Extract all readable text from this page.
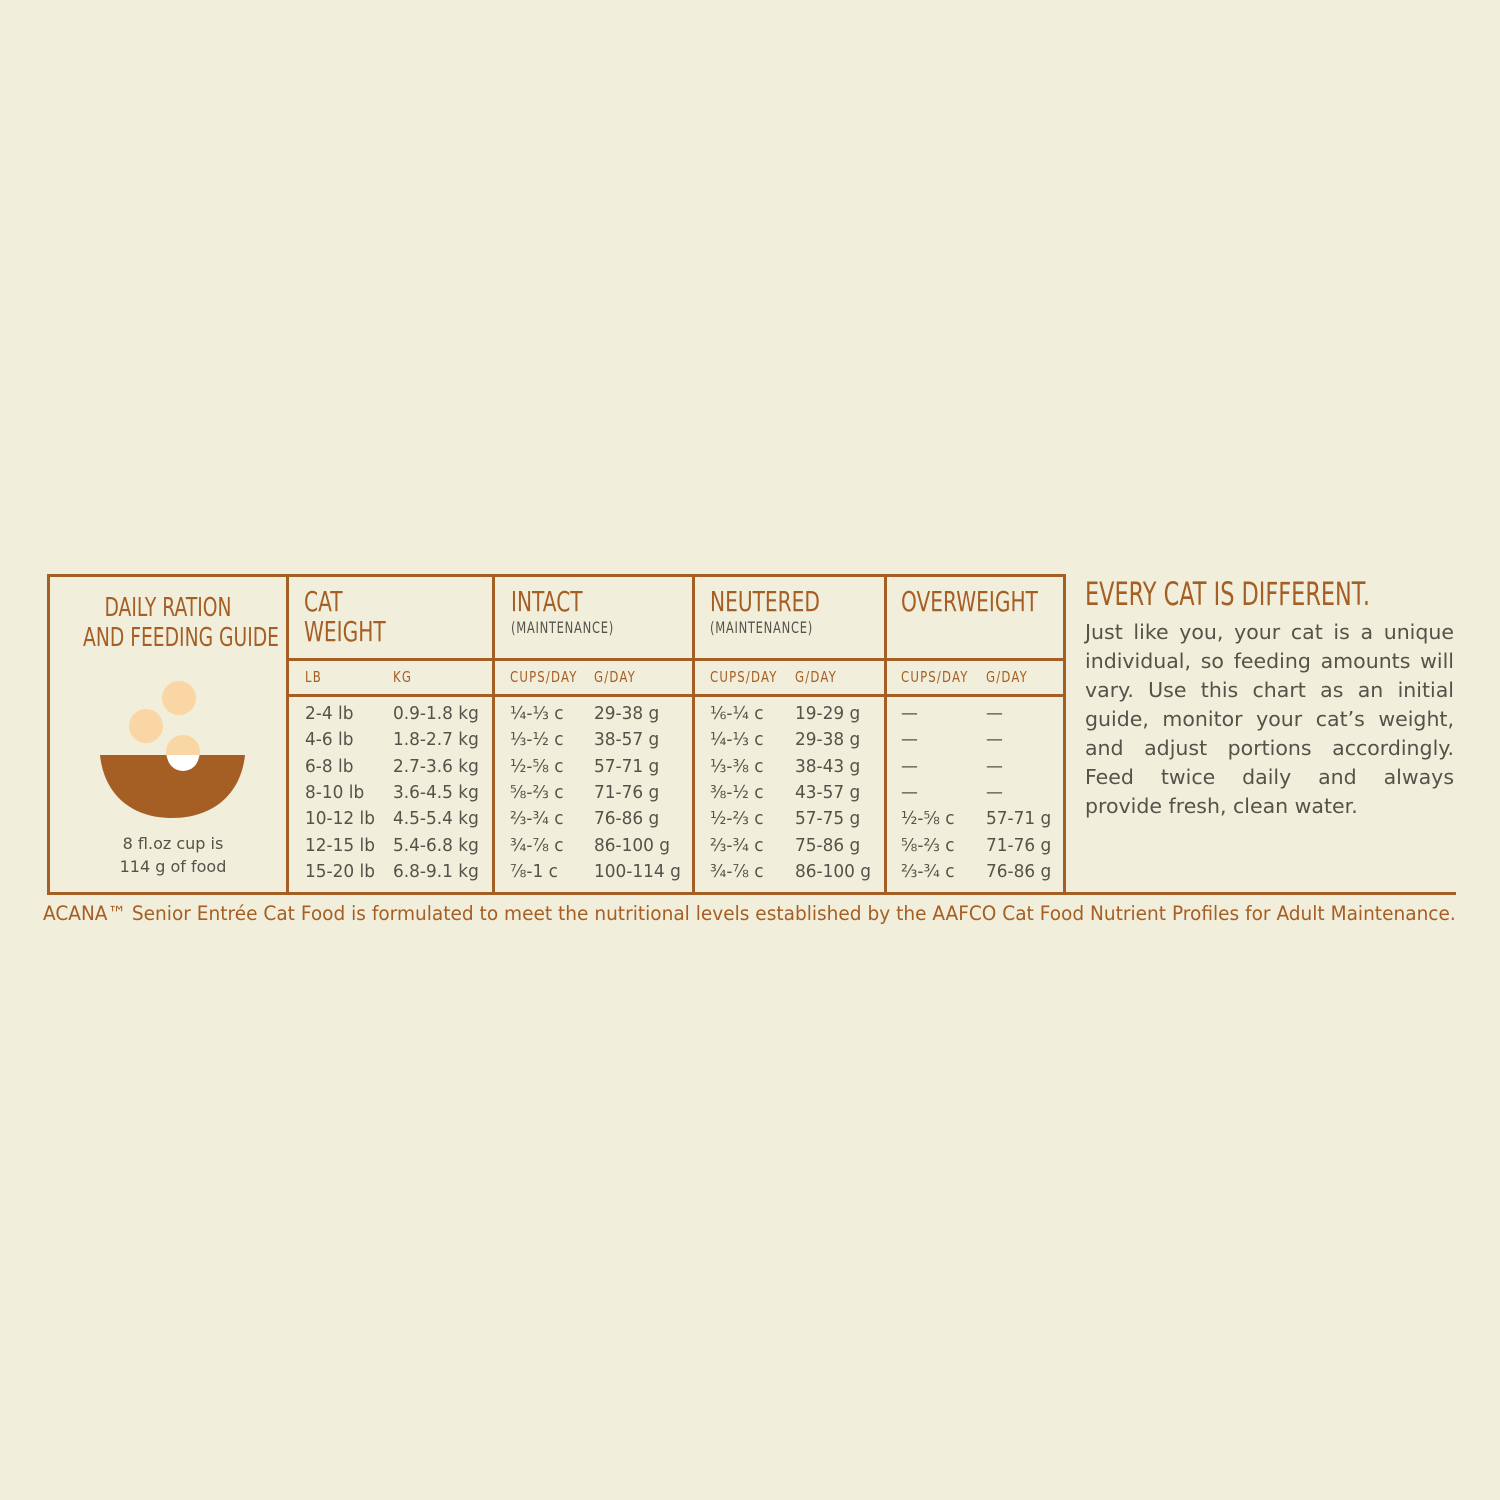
DAILY RATION
AND FEEDING GUIDE
8 fl.oz cup is
114 g of food
CAT
WEIGHT
INTACT
(MAINTENANCE)
NEUTERED
(MAINTENANCE)
OVERWEIGHT
LB	KG	CUPS/DAY G/DAY	CUPS/DAY G/DAY	CUPS/DAY G/DAY
2-4 lb 0.9-1.8 kg ¼-⅓ c 29-38 g	⅙-¼ c 19-29 g —	—
4-6 lb 1.8-2.7 kg ⅓-½ c 38-57 g	¼-⅓ c 29-38 g —	—
6-8 lb 2.7-3.6 kg ½-⅝ c 57-71 g	⅓-⅜ c 38-43 g —	—
8-10 lb 3.6-4.5 kg ⅝-⅔ c 71-76 g	⅜-½ c 43-57 g —	—
10-12 lb 4.5-5.4 kg ⅔-¾ c 76-86 g	½-⅔ c 57-75 g ½-⅝ c 57-71 g
12-15 lb 5.4-6.8 kg ¾-⅞ c 86-100 g ⅔-¾ c 75-86 g ⅝-⅔ c 71-76 g
15-20 lb 6.8-9.1 kg ⅞-1 c 100-114 g ¾-⅞ c 86-100 g ⅔-¾ c 76-86 g
EVERY CAT IS DIFFERENT.
Just like you, your cat is a unique individual, so feeding amounts will vary. Use this chart as an initial guide, monitor your cat’s weight, and adjust portions accordingly. Feed twice daily and always provide fresh, clean water.
ACANA™ Senior Entrée Cat Food is formulated to meet the nutritional levels established by the AAFCO Cat Food Nutrient Profiles for Adult Maintenance.
